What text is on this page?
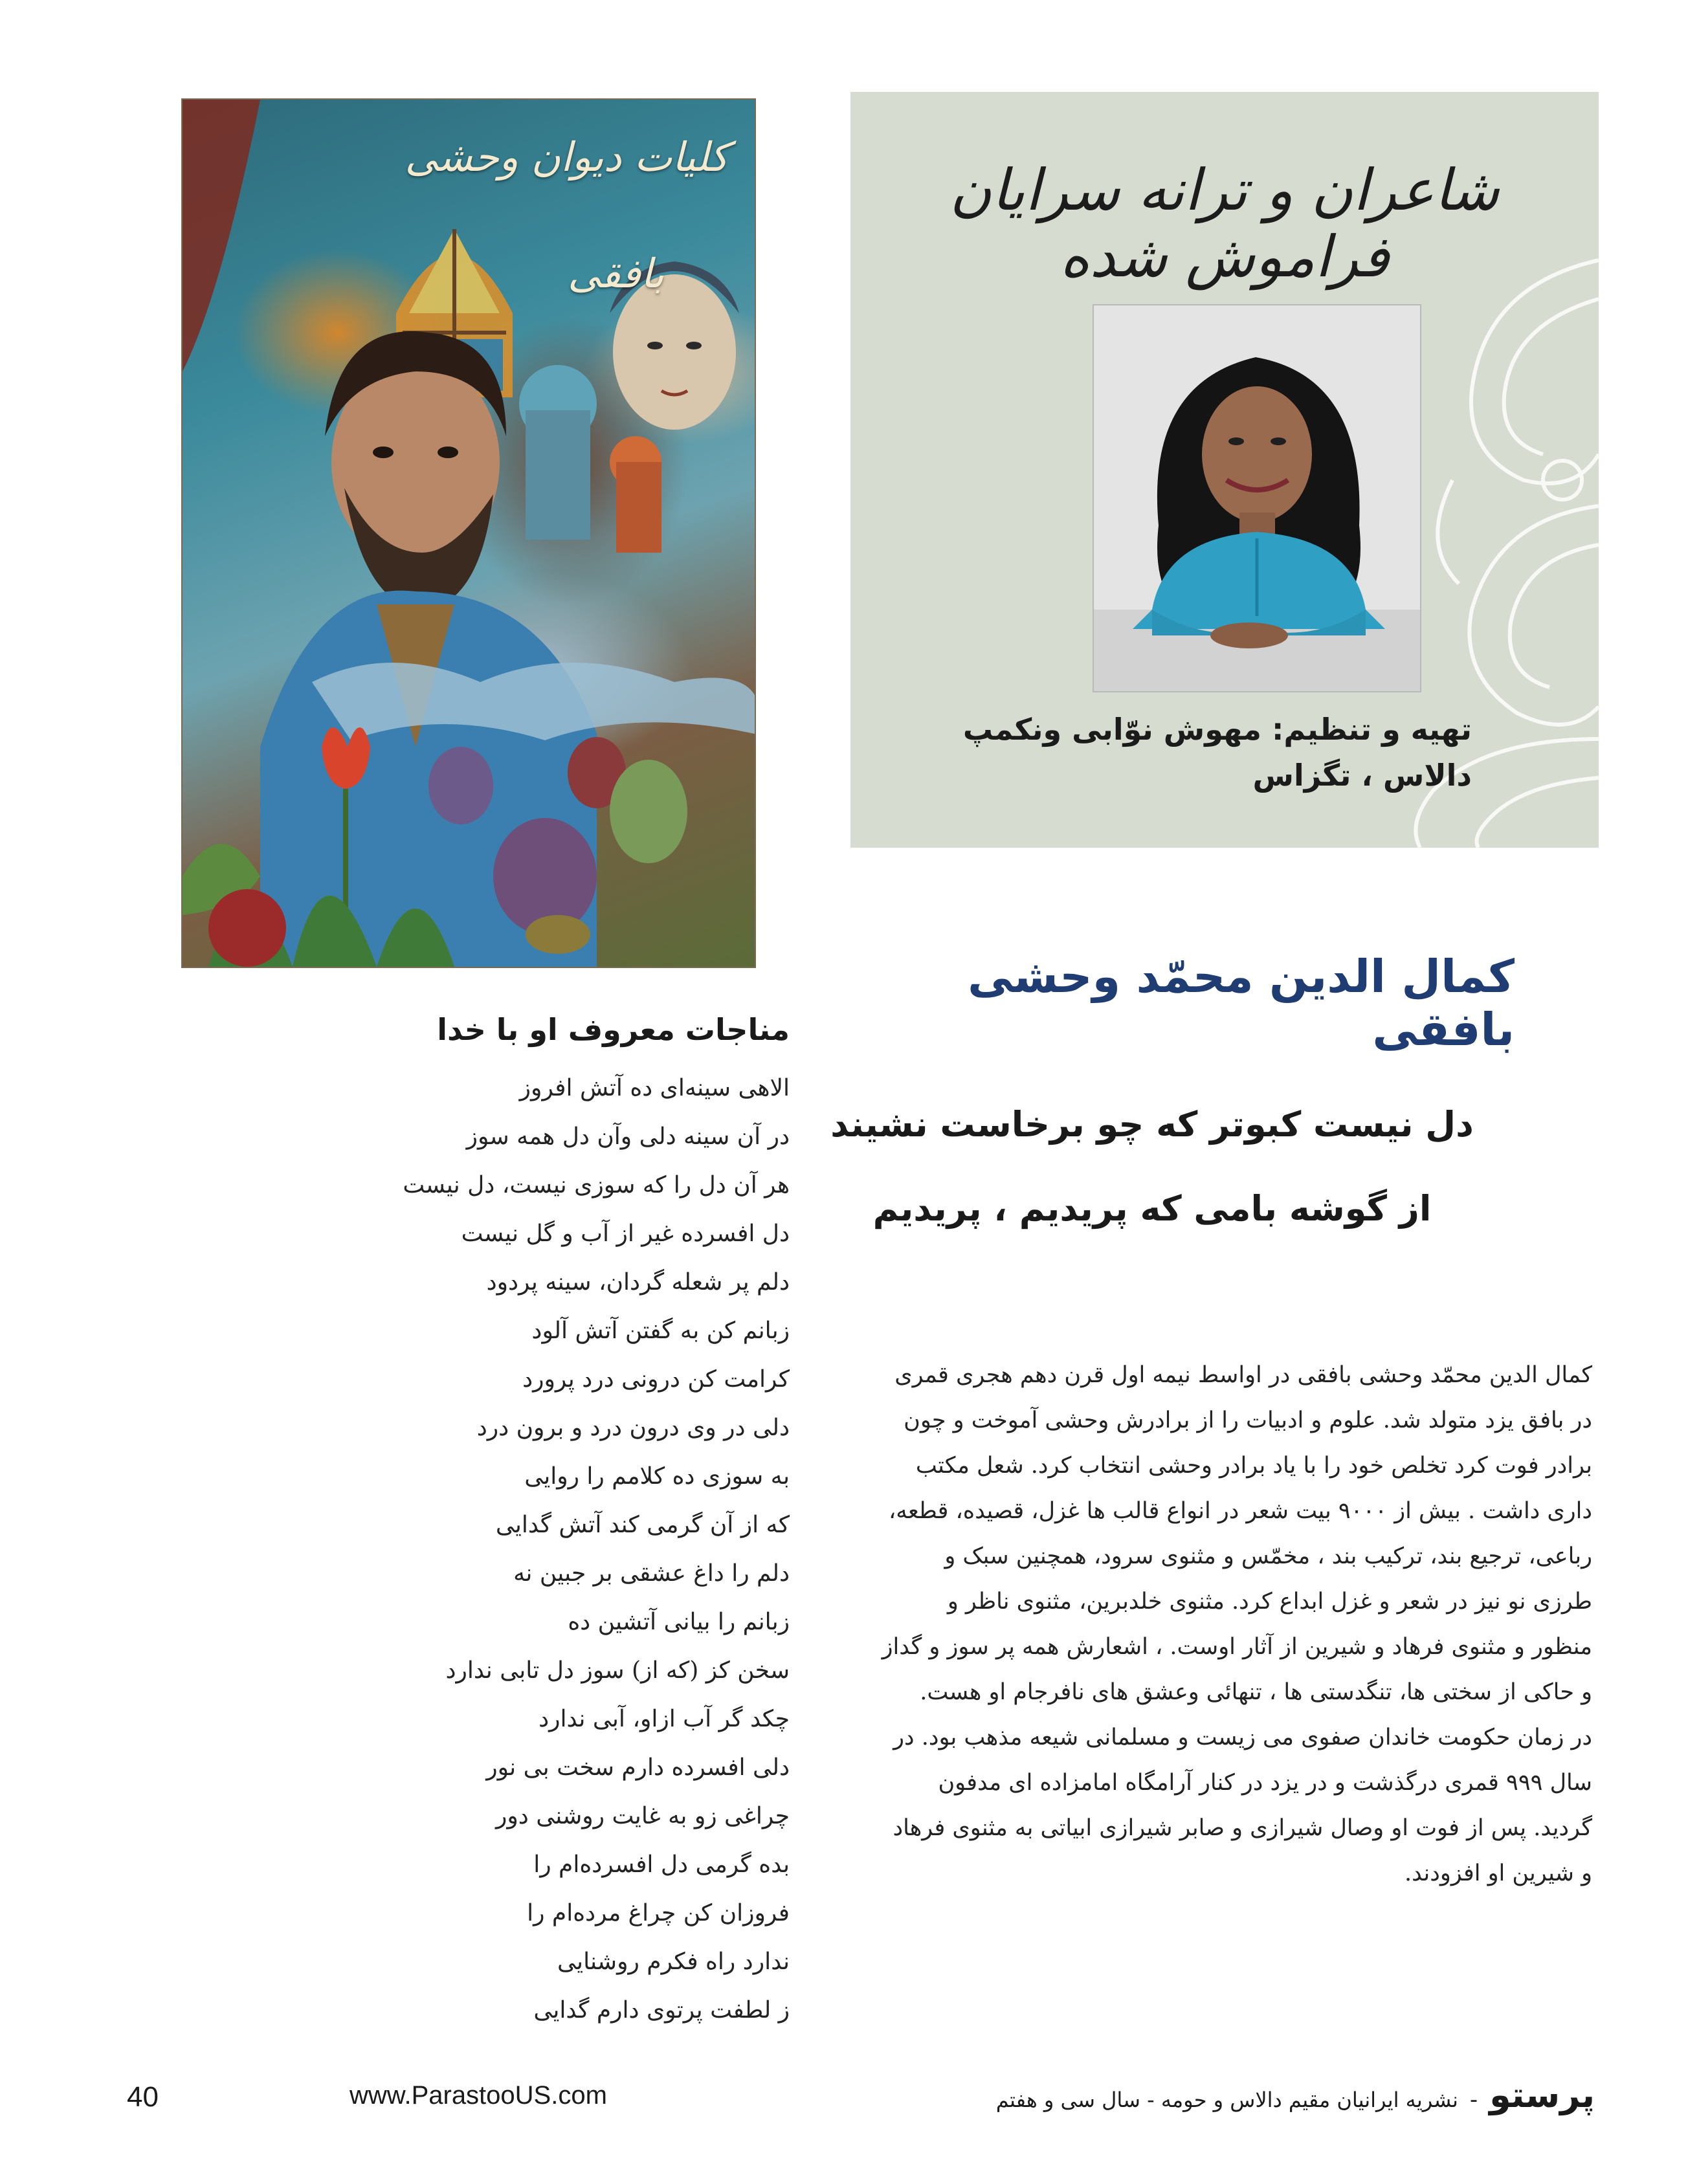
کلیات دیوان وحشی
بافقی
شاعران و ترانه سرایان فراموش شده
تهیه و تنظیم: مهوش نوّابی ونکمپ
دالاس ، تگزاس
کمال الدین محمّد وحشی بافقی
دل نیست کبوتر که چو برخاست نشیند
از گوشه بامی که پریدیم ، پریدیم
کمال الدین محمّد وحشی بافقی در اواسط نیمه اول قرن دهم هجری قمری
در بافق یزد متولد شد. علوم و ادبیات را از برادرش وحشی آموخت و چون
برادر فوت کرد تخلص خود را با یاد برادر وحشی انتخاب کرد. شعل مکتب
داری داشت . بیش از ۹۰۰۰ بیت شعر در انواع قالب ها غزل، قصیده، قطعه،
رباعی، ترجیع بند، ترکیب بند ، مخمّس و مثنوی سرود، همچنین سبک و
طرزی نو نیز در شعر و غزل ابداع کرد. مثنوی خلدبرین، مثنوی ناظر و
منظور و مثنوی فرهاد و شیرین از آثار اوست. ، اشعارش همه پر سوز و گداز
و حاکی از سختی ها، تنگدستی ها ، تنهائی وعشق های نافرجام او هست.
در زمان حکومت خاندان صفوی می زیست و مسلمانی شیعه مذهب بود. در
سال ۹۹۹ قمری درگذشت و در یزد در کنار آرامگاه امامزاده ای مدفون
گردید. پس از فوت او وصال شیرازی و صابر شیرازی ابیاتی به مثنوی فرهاد
و شیرین او افزودند.
مناجات معروف او با خدا
الاهی سینه‌ای ده آتش افروز
در آن سینه دلی وآن دل همه سوز
هر آن دل را که سوزی نیست، دل نیست
دل افسرده غیر از آب و گل نیست
دلم پر شعله گردان، سینه پردود
زبانم کن به گفتن آتش آلود
کرامت کن درونی درد پرورد
دلی در وی درون درد و برون درد
به سوزی ده کلامم را روایی
که از آن گرمی کند آتش گدایی
دلم را داغ عشقی بر جبین نه
زبانم را بیانی آتشین ده
سخن کز (که از) سوز دل تابی ندارد
چکد گر آب ازاو، آبی ندارد
دلی افسرده دارم سخت بی نور
چراغی زو به غایت روشنی دور
بده گرمی دل افسرده‌ام را
فروزان کن چراغ مرده‌ام را
ندارد راه فکرم روشنایی
ز لطفت پرتوی دارم گدایی
40	www.ParastooUS.com	پرستو-نشریه ایرانیان مقیم دالاس و حومه - سال سی و هفتم
